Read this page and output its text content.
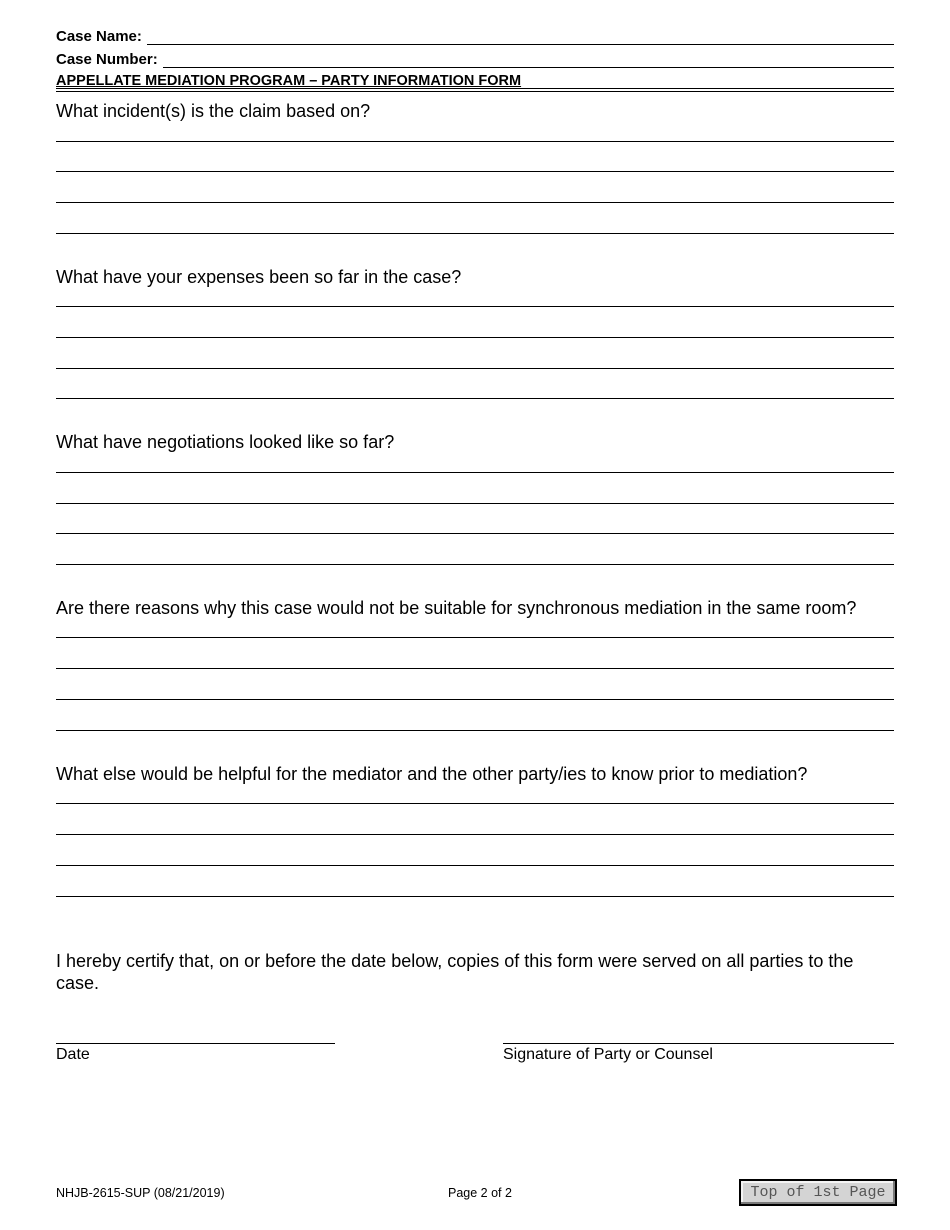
Case Name:
Case Number:
APPELLATE MEDIATION PROGRAM – PARTY INFORMATION FORM
What incident(s) is the claim based on?
What have your expenses been so far in the case?
What have negotiations looked like so far?
Are there reasons why this case would not be suitable for synchronous mediation in the same room?
What else would be helpful for the mediator and the other party/ies to know prior to mediation?
I hereby certify that, on or before the date below, copies of this form were served on all parties to the case.
Date	Signature of Party or Counsel
NHJB-2615-SUP (08/21/2019)	Page 2 of 2	Top of 1st Page
